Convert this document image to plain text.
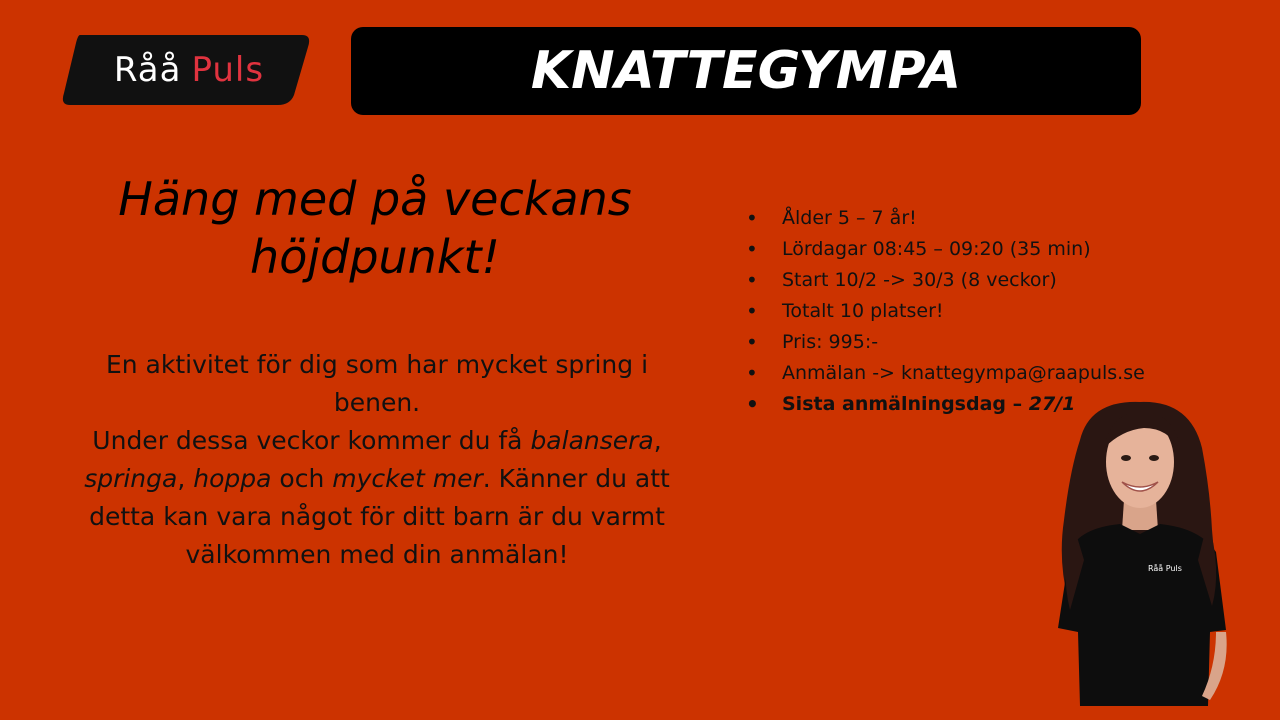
Råå Puls	KNATTEGYMPA
Häng med på veckans
höjdpunkt!

En aktivitet för dig som har mycket spring i benen.
Under dessa veckor kommer du få balansera, springa, hoppa och mycket mer. Känner du att detta kan vara något för ditt barn är du varmt välkommen med din anmälan!

• Ålder 5 – 7 år!
• Lördagar 08:45 – 09:20 (35 min)
• Start 10/2 -> 30/3 (8 veckor)
• Totalt 10 platser!
• Pris: 995:-
• Anmälan -> knattegympa@raapuls.se
• Sista anmälningsdag – 27/1
Råå Puls
